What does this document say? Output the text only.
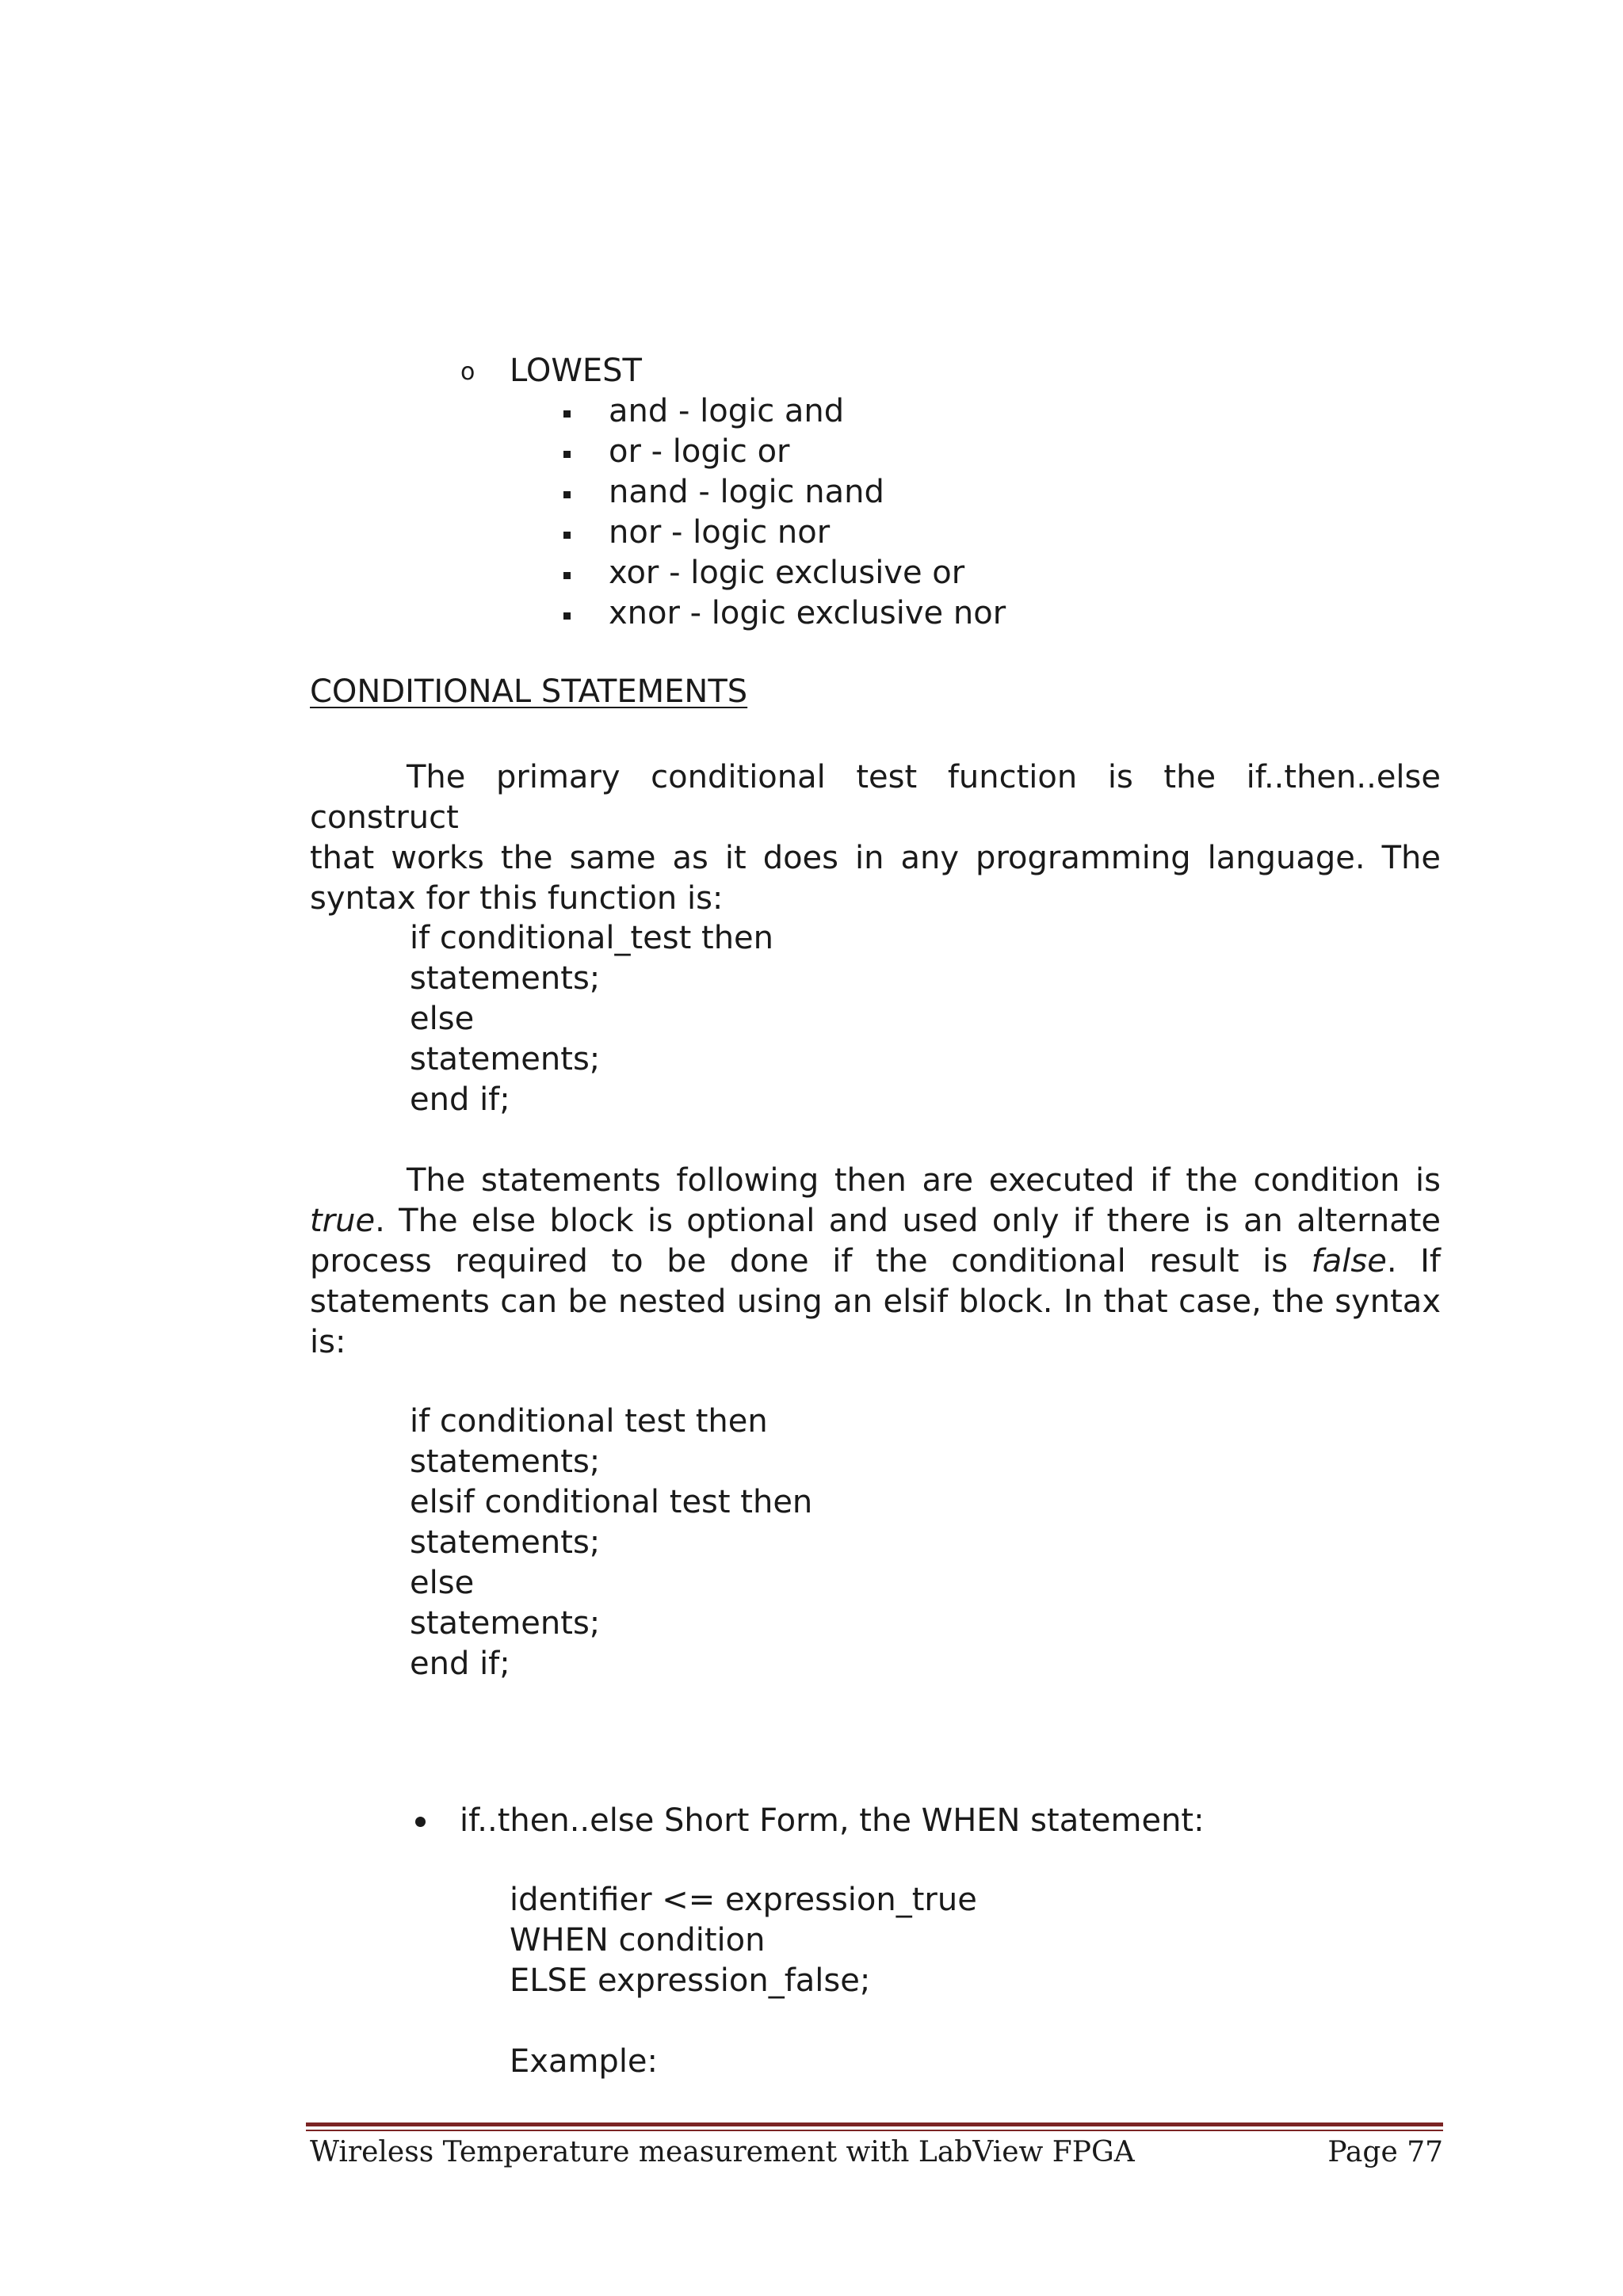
o LOWEST
and - logic and
or - logic or
nand - logic nand
nor - logic nor
xor - logic exclusive or
xnor - logic exclusive nor
CONDITIONAL STATEMENTS
The primary conditional test function is the if..then..else construct
that works the same as it does in any programming language. The
syntax for this function is:
if conditional_test then
statements;
else
statements;
end if;
The statements following then are executed if the condition is
true. The else block is optional and used only if there is an alternate
process required to be done if the conditional result is false. If
statements can be nested using an elsif block. In that case, the syntax
is:
if conditional test then
statements;
elsif conditional test then
statements;
else
statements;
end if;
if..then..else Short Form, the WHEN statement:
identifier <= expression_true
WHEN condition
ELSE expression_false;
Example:
Wireless Temperature measurement with LabView FPGA	Page 77
